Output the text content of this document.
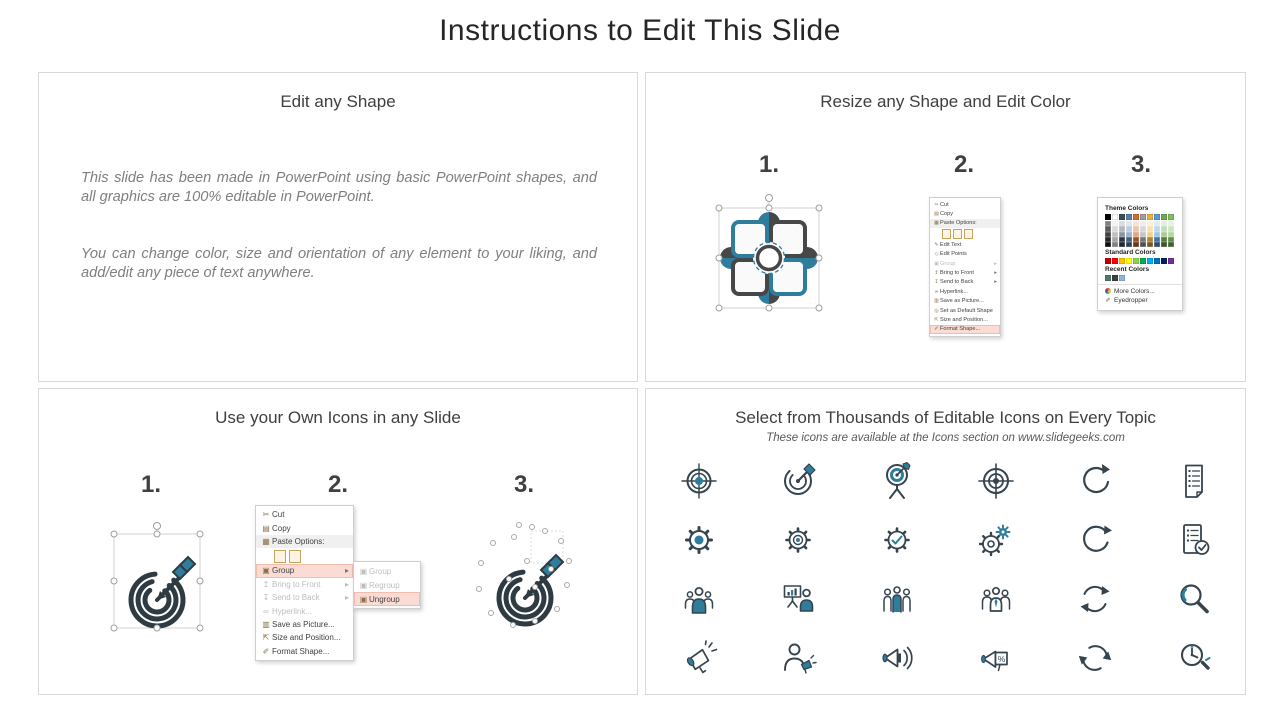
Instructions to Edit This Slide
Edit any Shape
This slide has been made in PowerPoint using basic PowerPoint shapes, and all graphics are 100% editable in PowerPoint.
You can change color, size and orientation of any element to your liking, and add/edit any piece of text anywhere.
Resize any Shape and Edit Color
1.	2.	3.
✂ Cut
▤ Copy
▦ Paste Options:
✎ Edit Text
◇ Edit Points
▣ Group	▸
↥ Bring to Front	▸
↧ Send to Back	▸
∞ Hyperlink...
▥ Save as Picture...
◎ Set as Default Shape
⇱ Size and Position...
✐ Format Shape...
Theme Colors
Standard Colors
Recent Colors
More Colors...
✐ Eyedropper
Use your Own Icons in any Slide
1.	2.	3.
✂ Cut
▤ Copy
▦ Paste Options:
▣ Group	▸
↥ Bring to Front	▸
↧ Send to Back	▸
∞ Hyperlink...
▥ Save as Picture...
⇱ Size and Position...
✐ Format Shape...
▣ Group
▣ Regroup
▣ Ungroup
Select from Thousands of Editable Icons on Every Topic
These icons are available at the Icons section on www.slidegeeks.com
%
